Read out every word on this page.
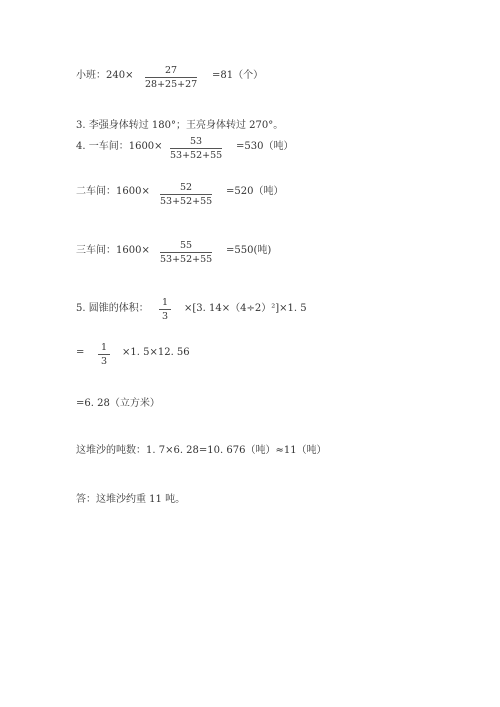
小班：240×	27
28+25+27
=81（个）
3. 李强身体转过 180°；王亮身体转过 270°。
4. 一车间：1600×	53
53+52+55
=530（吨）
二车间：1600×	52
53+52+55
=520（吨）
三车间：1600×	55
53+52+55
=550(吨)
5. 圆锥的体积：
1
3
×[3. 14×（4÷2）²]×1. 5
=	1
3
×1. 5×12. 56
=6. 28（立方米）
这堆沙的吨数：1. 7×6. 28=10. 676（吨）≈11（吨）
答：这堆沙约重 11 吨。
